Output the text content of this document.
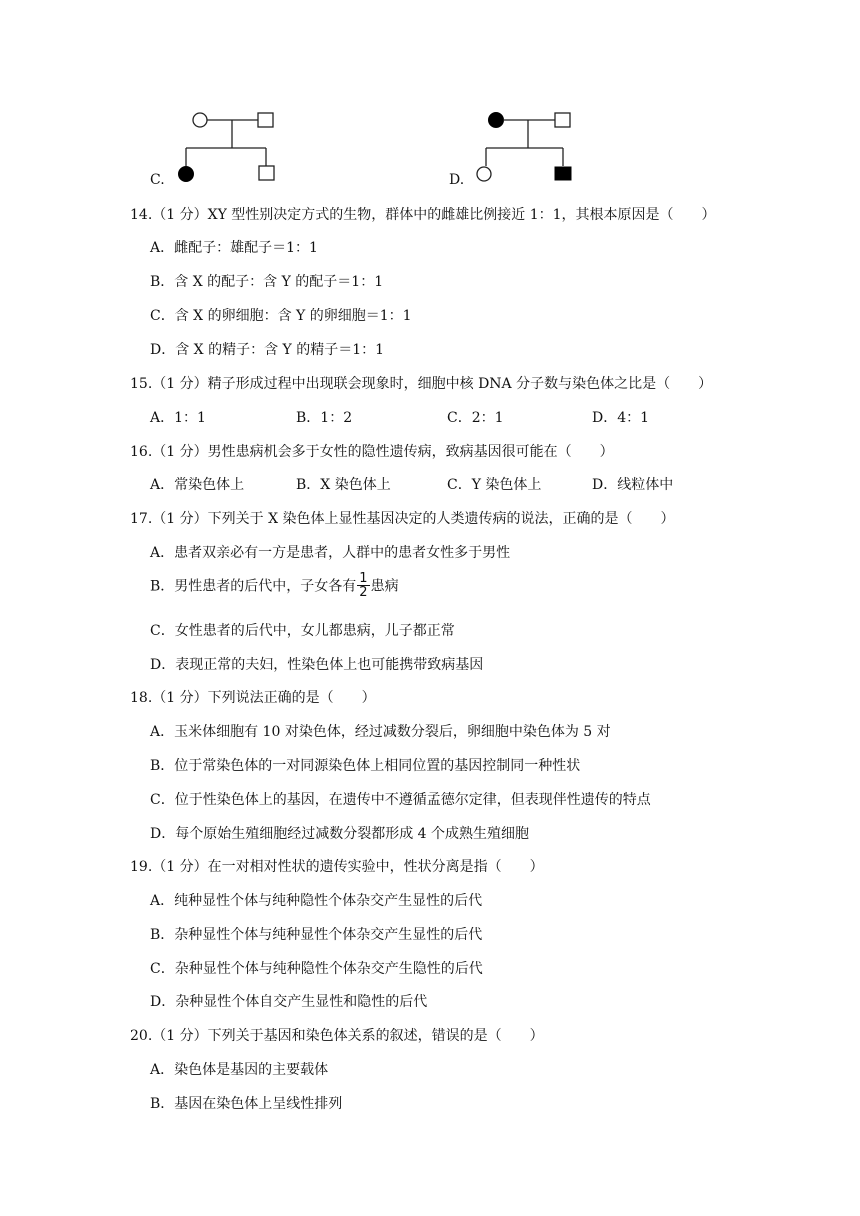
C.	D.
14.（1 分）XY 型性别决定方式的生物，群体中的雌雄比例接近 1：1，其根本原因是（　　）
A．雌配子：雄配子＝1：1
B．含 X 的配子：含 Y 的配子＝1：1
C．含 X 的卵细胞：含 Y 的卵细胞＝1：1
D．含 X 的精子：含 Y 的精子＝1：1
15.（1 分）精子形成过程中出现联会现象时，细胞中核 DNA 分子数与染色体之比是（　　）
A．1：1	B．1：2	C．2：1	D．4：1
16.（1 分）男性患病机会多于女性的隐性遗传病，致病基因很可能在（　　）
A．常染色体上	B．X 染色体上	C．Y 染色体上	D．线粒体中
17.（1 分）下列关于 X 染色体上显性基因决定的人类遗传病的说法，正确的是（　　）
A．患者双亲必有一方是患者，人群中的患者女性多于男性
B．男性患者的后代中，子女各有 $\frac{1}{2}$ 患病
C．女性患者的后代中，女儿都患病，儿子都正常
D．表现正常的夫妇，性染色体上也可能携带致病基因
18.（1 分）下列说法正确的是（　　）
A．玉米体细胞有 10 对染色体，经过减数分裂后，卵细胞中染色体为 5 对
B．位于常染色体的一对同源染色体上相同位置的基因控制同一种性状
C．位于性染色体上的基因，在遗传中不遵循孟德尔定律，但表现伴性遗传的特点
D．每个原始生殖细胞经过减数分裂都形成 4 个成熟生殖细胞
19.（1 分）在一对相对性状的遗传实验中，性状分离是指（　　）
A．纯种显性个体与纯种隐性个体杂交产生显性的后代
B．杂种显性个体与纯种显性个体杂交产生显性的后代
C．杂种显性个体与纯种隐性个体杂交产生隐性的后代
D．杂种显性个体自交产生显性和隐性的后代
20.（1 分）下列关于基因和染色体关系的叙述，错误的是（　　）
A．染色体是基因的主要载体
B．基因在染色体上呈线性排列
